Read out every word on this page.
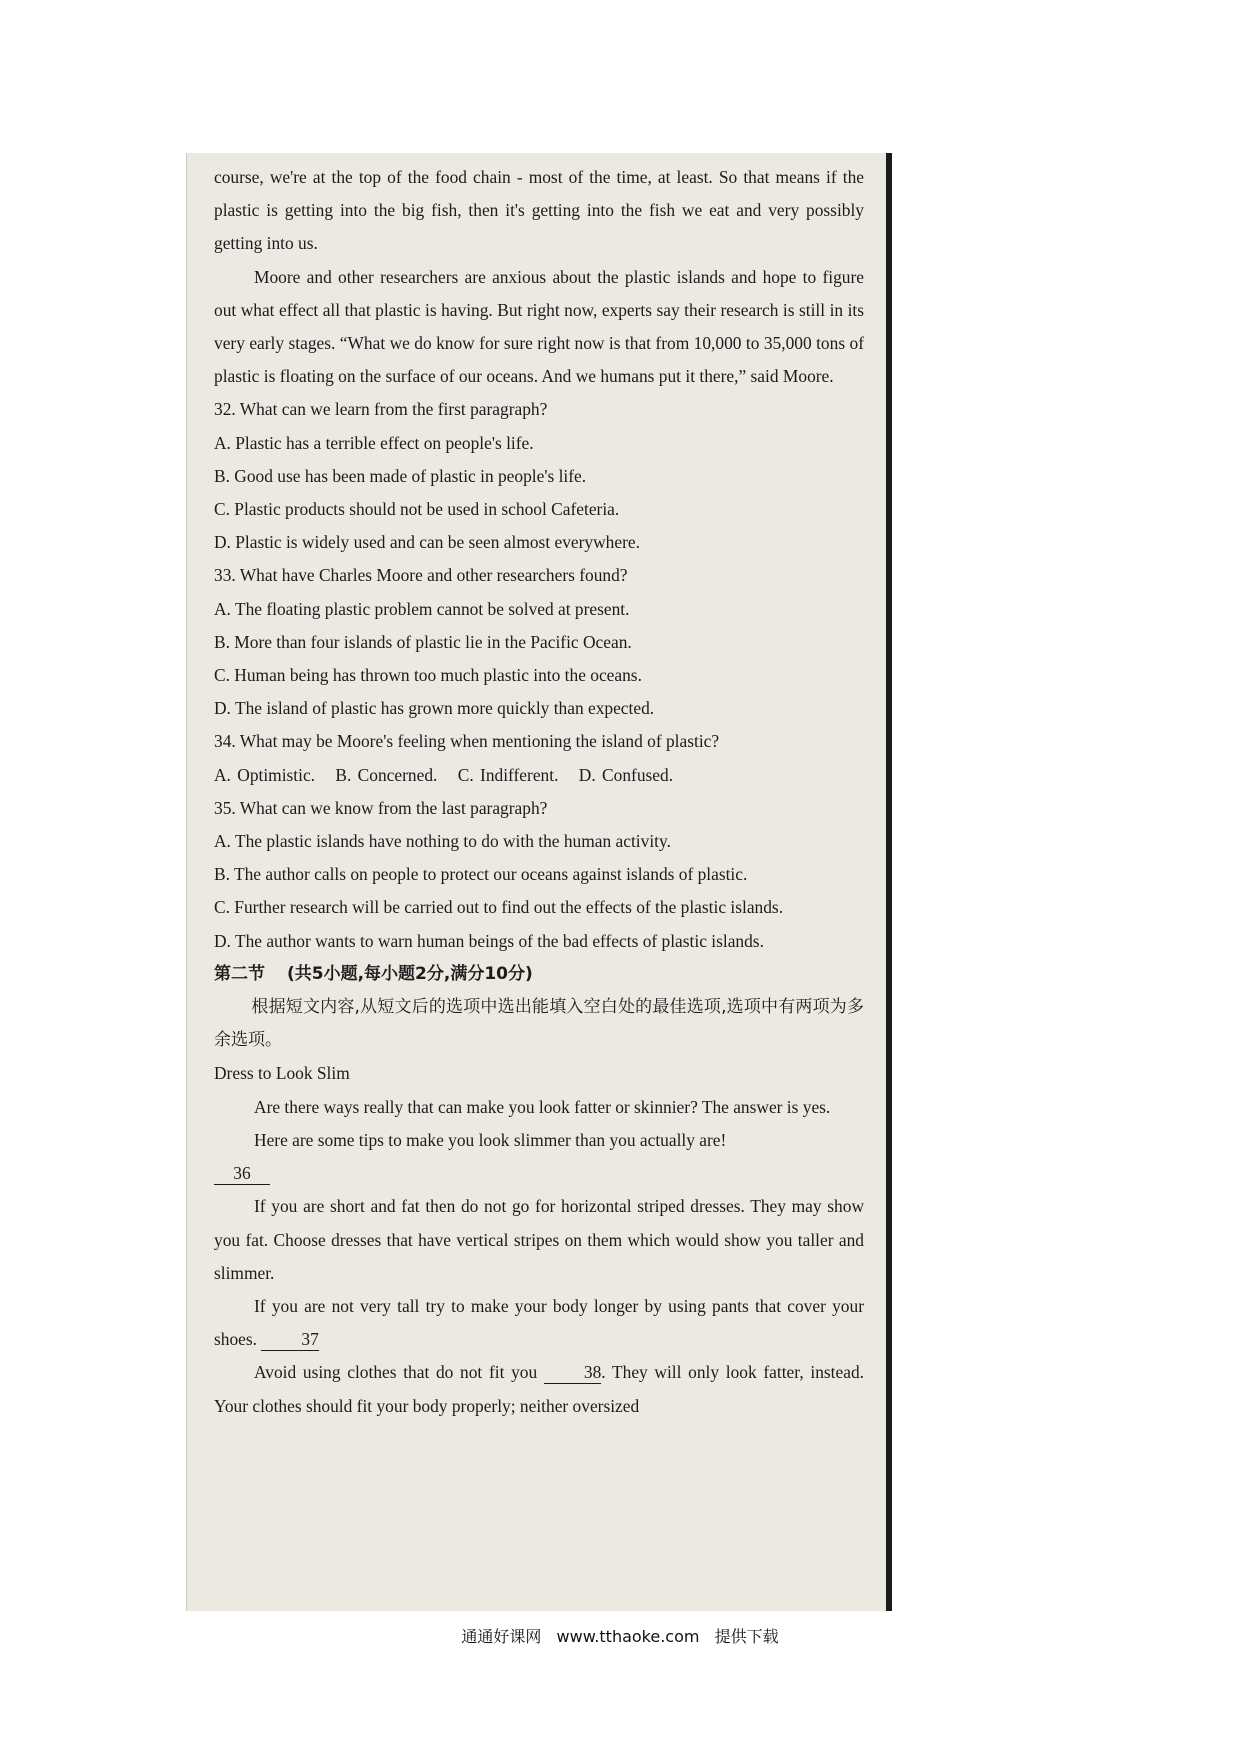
course, we're at the top of the food chain - most of the time, at least. So that means if the plastic is getting into the big fish, then it's getting into the fish we eat and very possibly getting into us.

Moore and other researchers are anxious about the plastic islands and hope to figure out what effect all that plastic is having. But right now, experts say their research is still in its very early stages. “What we do know for sure right now is that from 10,000 to 35,000 tons of plastic is floating on the surface of our oceans. And we humans put it there,” said Moore.

32. What can we learn from the first paragraph?

A. Plastic has a terrible effect on people's life.

B. Good use has been made of plastic in people's life.

C. Plastic products should not be used in school Cafeteria.

D. Plastic is widely used and can be seen almost everywhere.

33. What have Charles Moore and other researchers found?

A. The floating plastic problem cannot be solved at present.

B. More than four islands of plastic lie in the Pacific Ocean.

C. Human being has thrown too much plastic into the oceans.

D. The island of plastic has grown more quickly than expected.

34. What may be Moore's feeling when mentioning the island of plastic?

A. Optimistic. B. Concerned. C. Indifferent. D. Confused.

35. What can we know from the last paragraph?

A. The plastic islands have nothing to do with the human activity.

B. The author calls on people to protect our oceans against islands of plastic.

C. Further research will be carried out to find out the effects of the plastic islands.

D. The author wants to warn human beings of the bad effects of plastic islands.

第二节 (共5小题,每小题2分,满分10分)

根据短文内容,从短文后的选项中选出能填入空白处的最佳选项,选项中有两项为多余选项。

Dress to Look Slim

Are there ways really that can make you look fatter or skinnier? The answer is yes.

Here are some tips to make you look slimmer than you actually are!
36

If you are short and fat then do not go for horizontal striped dresses. They may show you fat. Choose dresses that have vertical stripes on them which would show you taller and slimmer.

If you are not very tall try to make your body longer by using pants that cover your shoes.	37

Avoid using clothes that do not fit you	38. They will only look fatter, instead. Your clothes should fit your body properly; neither oversized

通通好课网 www.tthaoke.com 提供下载
